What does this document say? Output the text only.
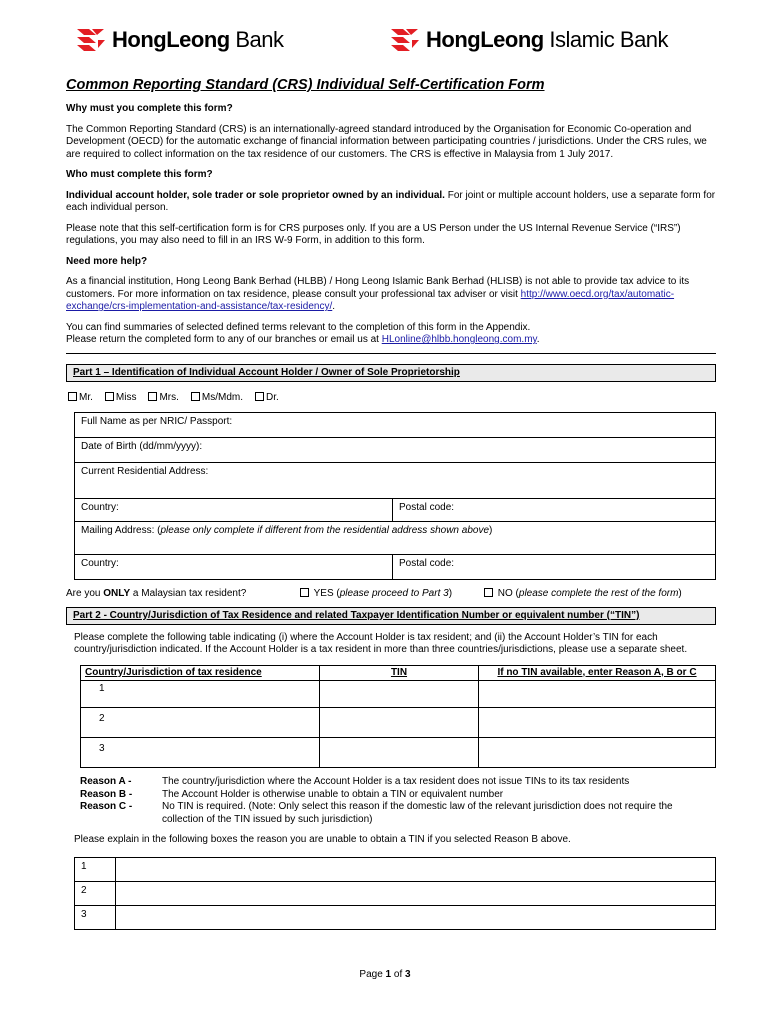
HongLeong Bank	HongLeong Islamic Bank
Common Reporting Standard (CRS) Individual Self-Certification Form
Why must you complete this form?

The Common Reporting Standard (CRS) is an internationally-agreed standard introduced by the Organisation for Economic Co-operation and Development (OECD) for the automatic exchange of financial information between participating countries / jurisdictions. Under the CRS rules, we are required to collect information on the tax residence of our customers. The CRS is effective in Malaysia from 1 July 2017.

Who must complete this form?

Individual account holder, sole trader or sole proprietor owned by an individual. For joint or multiple account holders, use a separate form for each individual person.

Please note that this self-certification form is for CRS purposes only. If you are a US Person under the US Internal Revenue Service (“IRS”) regulations, you may also need to fill in an IRS W-9 Form, in addition to this form.

Need more help?

As a financial institution, Hong Leong Bank Berhad (HLBB) / Hong Leong Islamic Bank Berhad (HLISB) is not able to provide tax advice to its customers. For more information on tax residence, please consult your professional tax adviser or visit http://www.oecd.org/tax/automatic-exchange/crs-implementation-and-assistance/tax-residency/.

You can find summaries of selected defined terms relevant to the completion of this form in the Appendix.
Please return the completed form to any of our branches or email us at HLonline@hlbb.hongleong.com.my.

Part 1 – Identification of Individual Account Holder / Owner of Sole Proprietorship
Mr.	Miss	Mrs.	Ms/Mdm.	Dr.
Full Name as per NRIC/ Passport:	
Date of Birth (dd/mm/yyyy):	
Current Residential Address:	
Country:	Postal code:
Mailing Address: (please only complete if different from the residential address shown above)	
Country:	Postal code:
Are you ONLY a Malaysian tax resident?	YES (please proceed to Part 3)	NO (please complete the rest of the form)
Part 2 - Country/Jurisdiction of Tax Residence and related Taxpayer Identification Number or equivalent number (“TIN”)

Please complete the following table indicating (i) where the Account Holder is tax resident; and (ii) the Account Holder’s TIN for each country/jurisdiction indicated. If the Account Holder is a tax resident in more than three countries/jurisdictions, please use a separate sheet.

Country/Jurisdiction of tax residence	TIN	If no TIN available, enter Reason A, B or C
1		
2		
3		
Reason A -	The country/jurisdiction where the Account Holder is a tax resident does not issue TINs to its tax residents
Reason B -	The Account Holder is otherwise unable to obtain a TIN or equivalent number
Reason C -	No TIN is required. (Note: Only select this reason if the domestic law of the relevant jurisdiction does not require the collection of the TIN issued by such jurisdiction)

Please explain in the following boxes the reason you are unable to obtain a TIN if you selected Reason B above.

1	
2	
3	
Page 1 of 3
